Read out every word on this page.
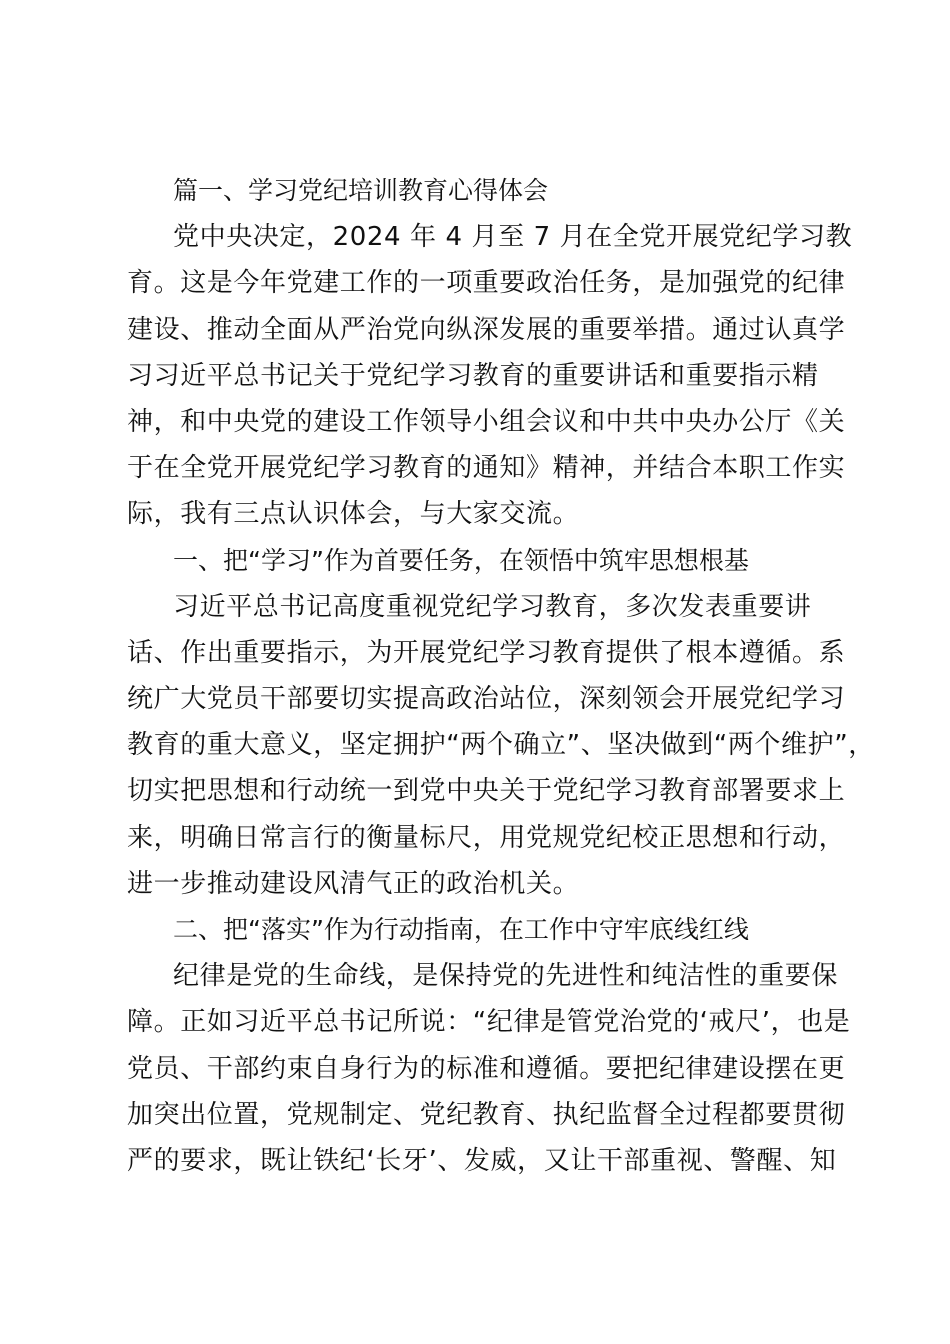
篇一、学习党纪培训教育心得体会
党中央决定，2024 年 4 月至 7 月在全党开展党纪学习教
育。这是今年党建工作的一项重要政治任务，是加强党的纪律
建设、推动全面从严治党向纵深发展的重要举措。通过认真学
习习近平总书记关于党纪学习教育的重要讲话和重要指示精
神，和中央党的建设工作领导小组会议和中共中央办公厅《关
于在全党开展党纪学习教育的通知》精神，并结合本职工作实
际，我有三点认识体会，与大家交流。
一、把“学习”作为首要任务，在领悟中筑牢思想根基
习近平总书记高度重视党纪学习教育，多次发表重要讲
话、作出重要指示，为开展党纪学习教育提供了根本遵循。系
统广大党员干部要切实提高政治站位，深刻领会开展党纪学习
教育的重大意义，坚定拥护“两个确立”、坚决做到“两个维护”，
切实把思想和行动统一到党中央关于党纪学习教育部署要求上
来，明确日常言行的衡量标尺，用党规党纪校正思想和行动，
进一步推动建设风清气正的政治机关。
二、把“落实”作为行动指南，在工作中守牢底线红线
纪律是党的生命线，是保持党的先进性和纯洁性的重要保
障。正如习近平总书记所说：“纪律是管党治党的‘戒尺’，也是
党员、干部约束自身行为的标准和遵循。要把纪律建设摆在更
加突出位置，党规制定、党纪教育、执纪监督全过程都要贯彻
严的要求，既让铁纪‘长牙’、发威，又让干部重视、警醒、知
